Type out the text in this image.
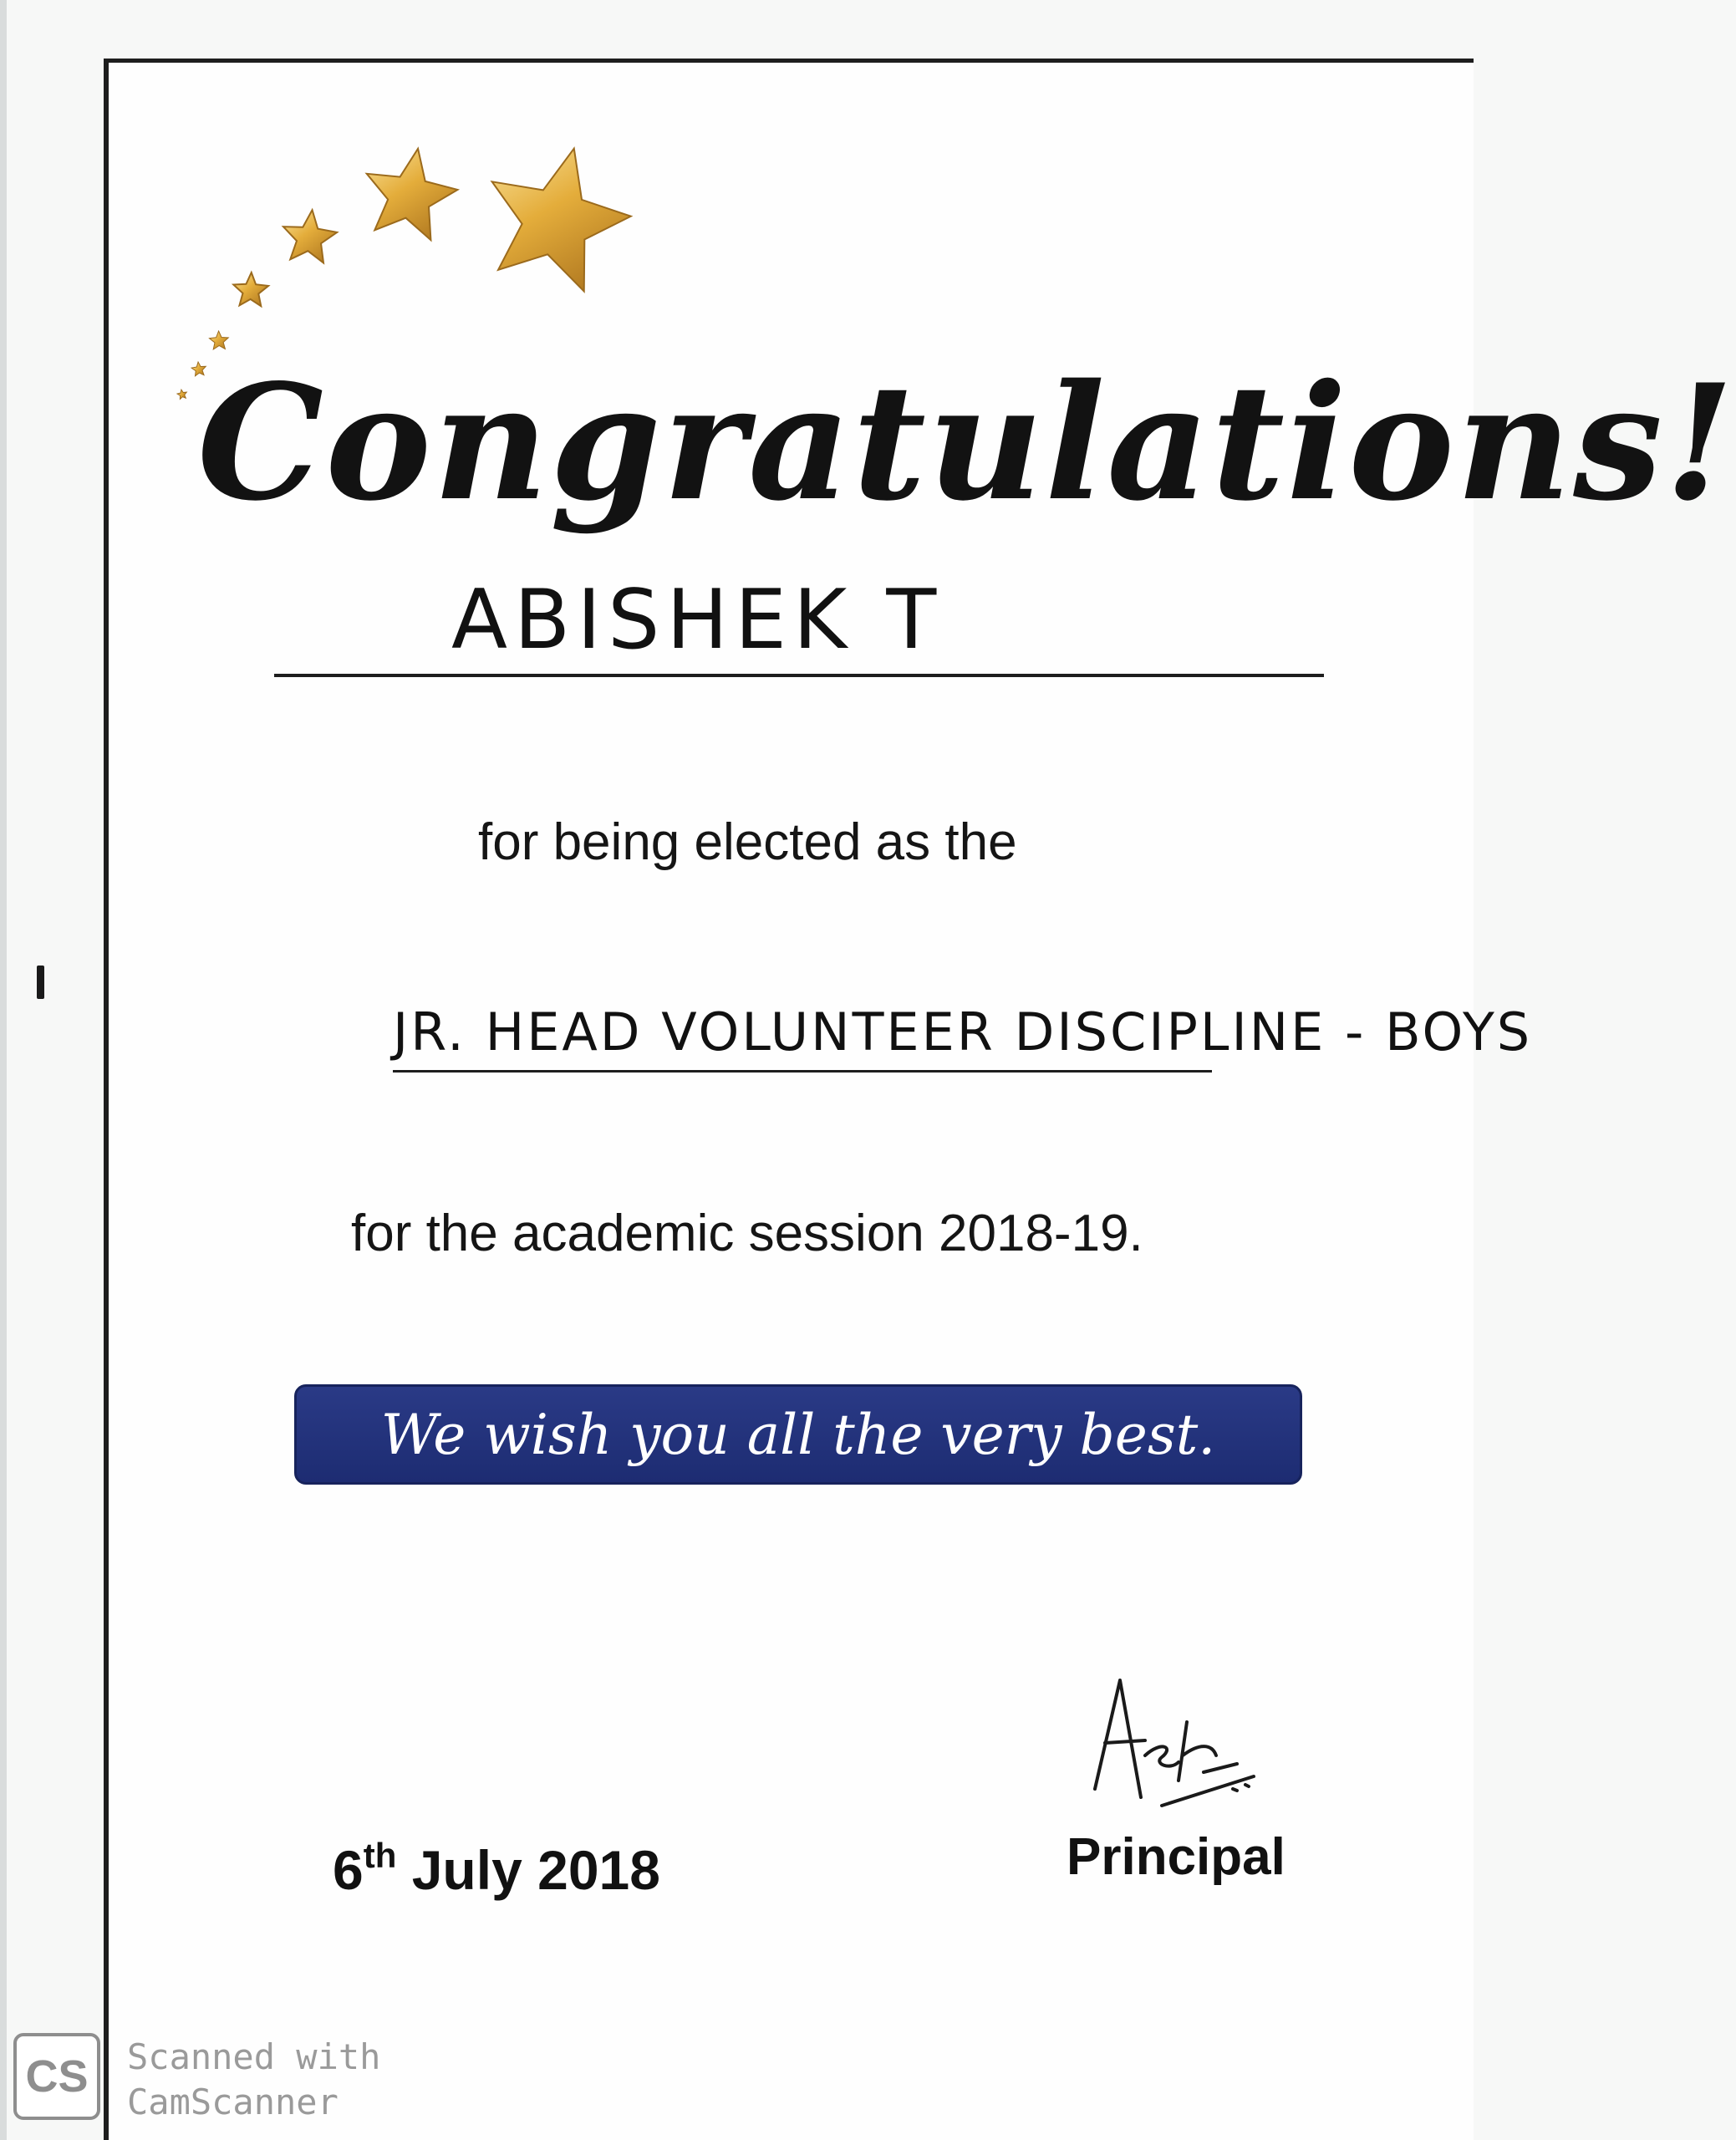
Congratulations!
ABISHEK T
for being elected as the
JR. HEAD VOLUNTEER DISCIPLINE - BOYS
for the academic session 2018-19.
We wish you all the very best.
6th July 2018	Principal
CS	Scanned with
CamScanner
